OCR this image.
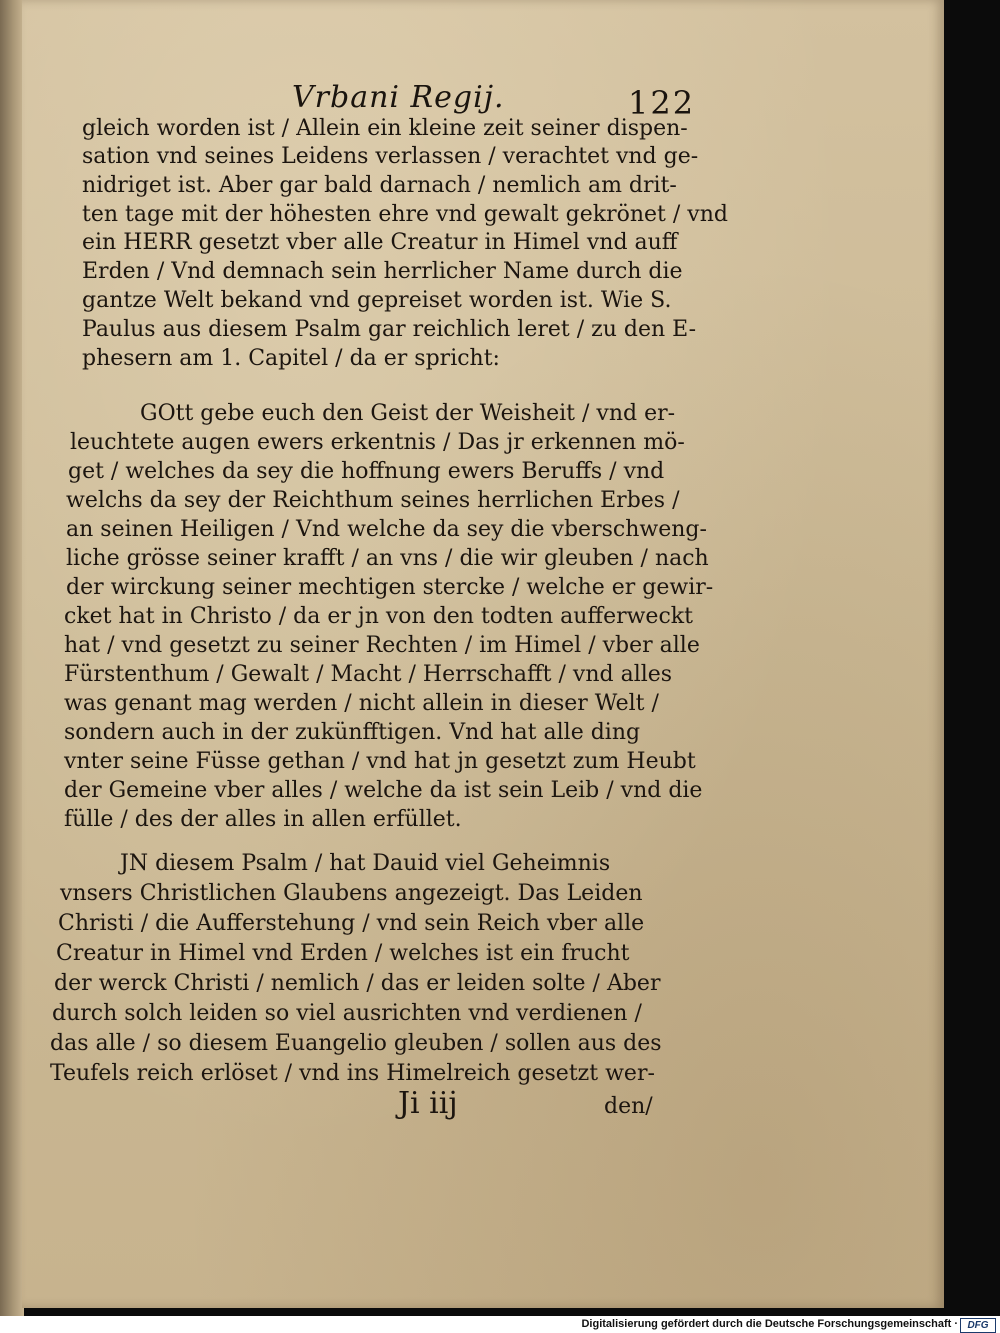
Vrbani Regij.	122
gleich worden ist / Allein ein kleine zeit seiner dispen-
sation vnd seines Leidens verlassen / verachtet vnd ge-
nidriget ist. Aber gar bald darnach / nemlich am drit-
ten tage mit der höhesten ehre vnd gewalt gekrönet / vnd
ein HERR gesetzt vber alle Creatur in Himel vnd auff
Erden / Vnd demnach sein herrlicher Name durch die
gantze Welt bekand vnd gepreiset worden ist. Wie S.
Paulus aus diesem Psalm gar reichlich leret / zu den E-
phesern am 1. Capitel / da er spricht:
GOtt gebe euch den Geist der Weisheit / vnd er-
leuchtete augen ewers erkentnis / Das jr erkennen mö-
get / welches da sey die hoffnung ewers Beruffs / vnd
welchs da sey der Reichthum seines herrlichen Erbes /
an seinen Heiligen / Vnd welche da sey die vberschweng-
liche grösse seiner krafft / an vns / die wir gleuben / nach
der wirckung seiner mechtigen stercke / welche er gewir-
cket hat in Christo / da er jn von den todten aufferweckt
hat / vnd gesetzt zu seiner Rechten / im Himel / vber alle
Fürstenthum / Gewalt / Macht / Herrschafft / vnd alles
was genant mag werden / nicht allein in dieser Welt /
sondern auch in der zukünfftigen. Vnd hat alle ding
vnter seine Füsse gethan / vnd hat jn gesetzt zum Heubt
der Gemeine vber alles / welche da ist sein Leib / vnd die
fülle / des der alles in allen erfüllet.
JN diesem Psalm / hat Dauid viel Geheimnis
vnsers Christlichen Glaubens angezeigt. Das Leiden
Christi / die Aufferstehung / vnd sein Reich vber alle
Creatur in Himel vnd Erden / welches ist ein frucht
der werck Christi / nemlich / das er leiden solte / Aber
durch solch leiden so viel ausrichten vnd verdienen /
das alle / so diesem Euangelio gleuben / sollen aus des
Teufels reich erlöset / vnd ins Himelreich gesetzt wer-
Ji iij	den/
Digitalisierung gefördert durch die Deutsche Forschungsgemeinschaft · DFG
